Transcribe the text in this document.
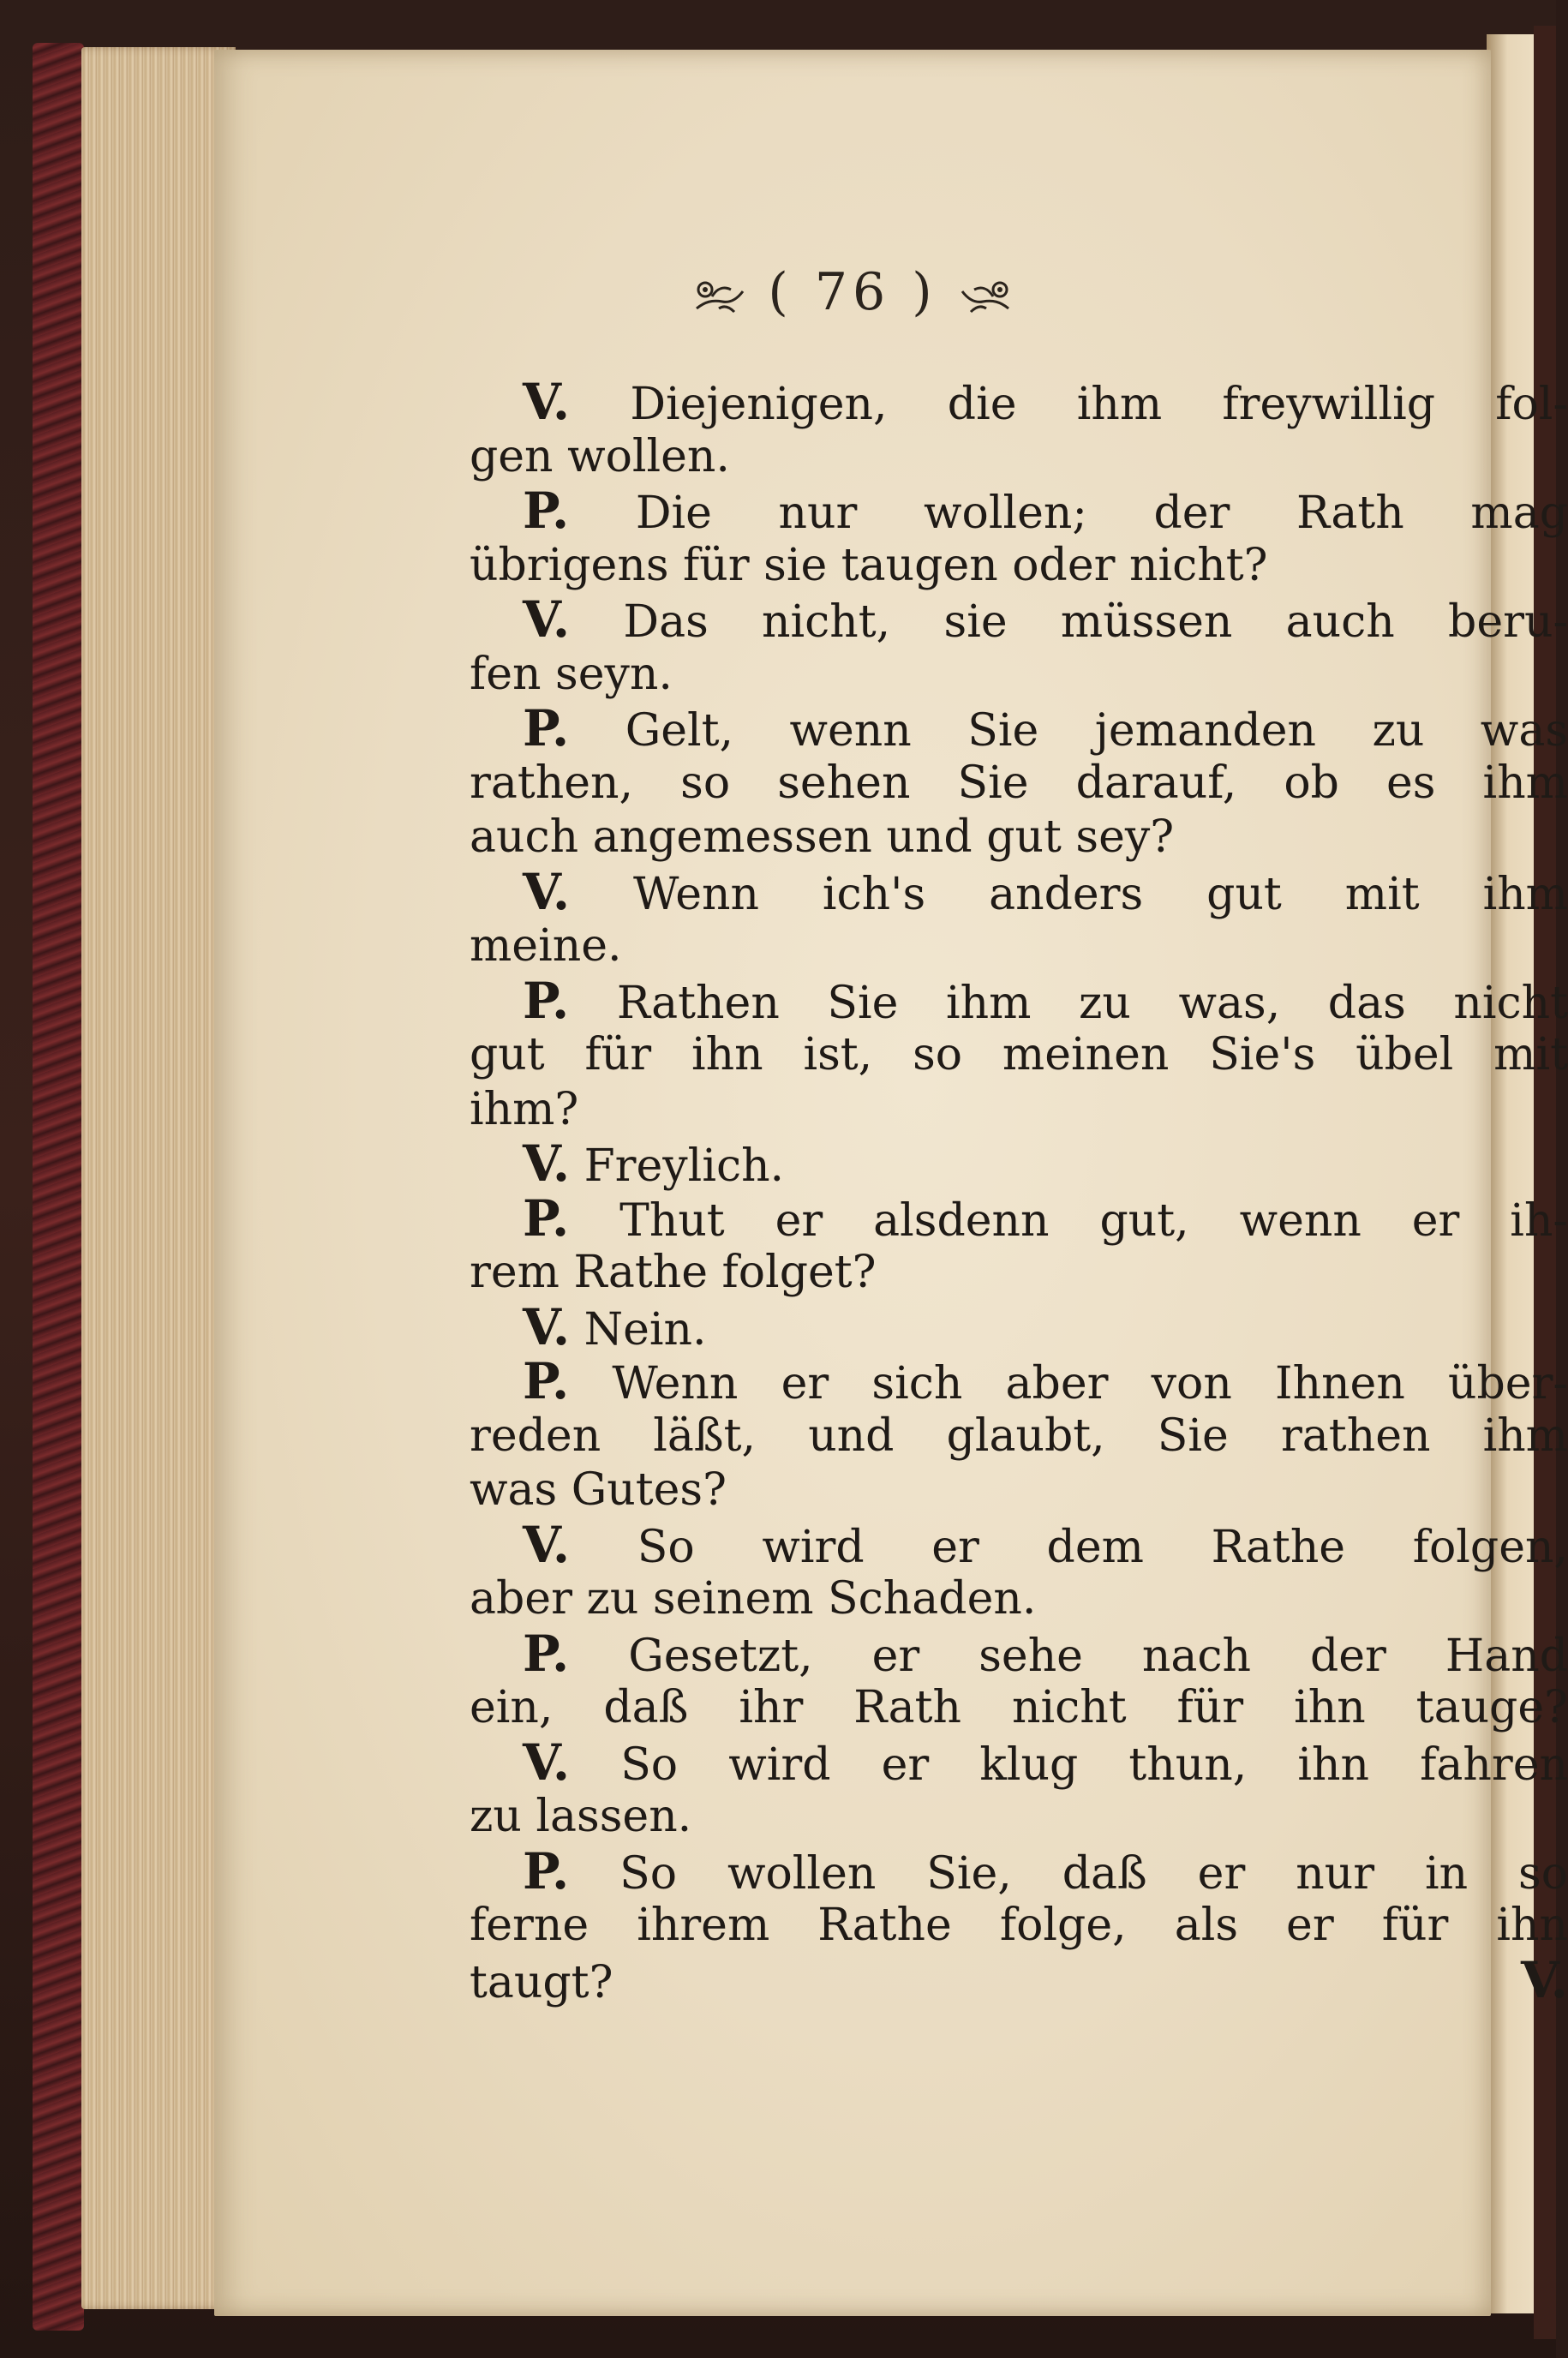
( 76 )
V. Diejenigen, die ihm freywillig fol-
gen wollen.
P. Die nur wollen; der Rath mag
übrigens für sie taugen oder nicht?
V. Das nicht, sie müssen auch beru-
fen seyn.
P. Gelt, wenn Sie jemanden zu was
rathen, so sehen Sie darauf, ob es ihm
auch angemessen und gut sey?
V. Wenn ich's anders gut mit ihm
meine.
P. Rathen Sie ihm zu was, das nicht
gut für ihn ist, so meinen Sie's übel mit
ihm?
V. Freylich.
P. Thut er alsdenn gut, wenn er ih-
rem Rathe folget?
V. Nein.
P. Wenn er sich aber von Ihnen über-
reden läßt, und glaubt, Sie rathen ihm
was Gutes?
V. So wird er dem Rathe folgen,
aber zu seinem Schaden.
P. Gesetzt, er sehe nach der Hand
ein, daß ihr Rath nicht für ihn tauge?
V. So wird er klug thun, ihn fahren
zu lassen.
P. So wollen Sie, daß er nur in so
ferne ihrem Rathe folge, als er für ihn
taugt?	V.
